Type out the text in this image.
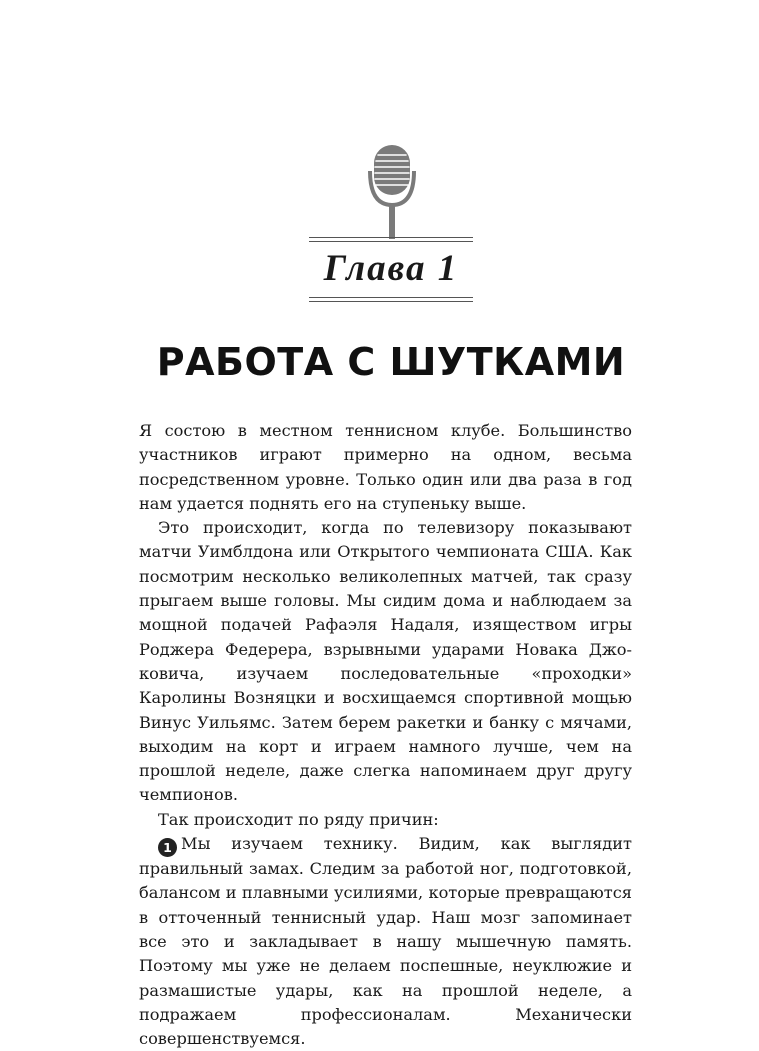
Глава 1
РАБОТА С ШУТКАМИ

Я состою в местном теннисном клубе. Большинство участников играют примерно на одном, весьма посредственном уровне. Только один или два раза в год нам удается поднять его на ступеньку выше.

Это происходит, когда по телевизору показывают матчи Уимблдона или Открытого чемпионата США. Как посмотрим несколько великолепных матчей, так сразу прыгаем выше головы. Мы сидим дома и наблюдаем за мощной подачей Рафаэля Надаля, изяществом игры Роджера Федерера, взрывными ударами Новака Джоковича, изучаем последовательные «проходки» Каролины Возняцки и восхищаемся спортивной мощью Винус Уильямс. Затем берем ракетки и банку с мячами, выходим на корт и играем намного лучше, чем на прошлой неделе, даже слегка напоминаем друг другу чемпионов.

Так происходит по ряду причин:

1 Мы изучаем технику. Видим, как выглядит правильный замах. Следим за работой ног, подготовкой, балансом и плавными усилиями, которые превращаются в отточенный теннисный удар. Наш мозг запоминает все это и закладывает в нашу мышечную память. Поэтому мы уже не делаем поспешные, неуклюжие и размашистые удары, как на прошлой неделе, а подражаем профессионалам. Механически совершенствуемся.
